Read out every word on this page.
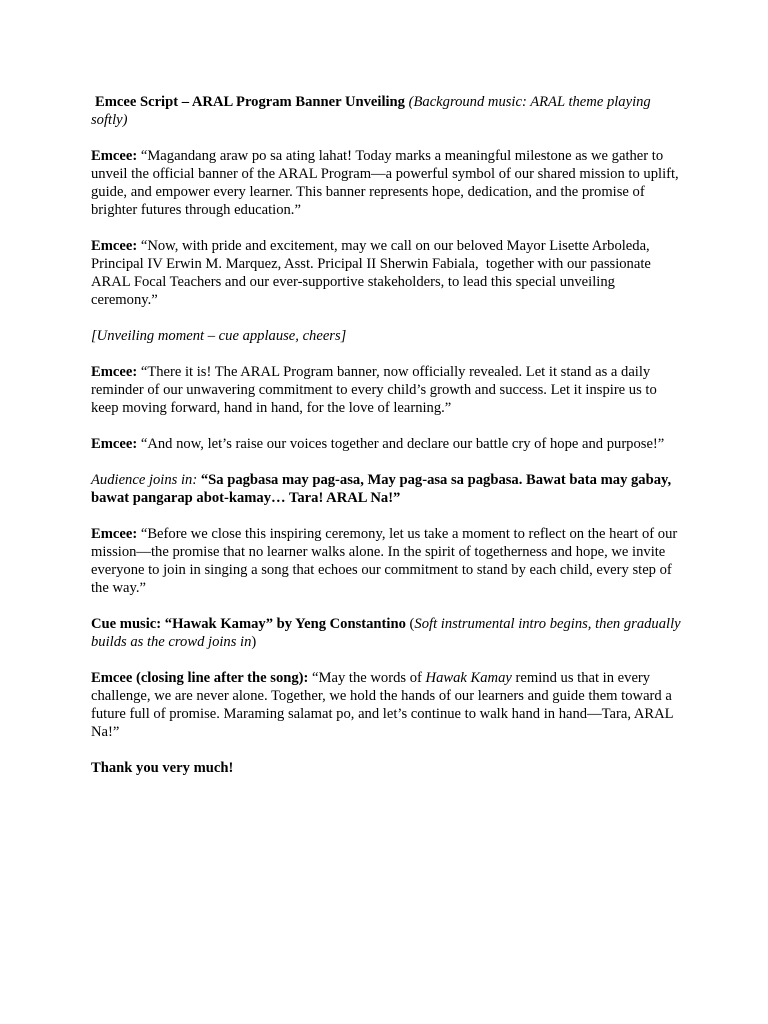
Emcee Script – ARAL Program Banner Unveiling (Background music: ARAL theme playing softly)

Emcee: “Magandang araw po sa ating lahat! Today marks a meaningful milestone as we gather to unveil the official banner of the ARAL Program—a powerful symbol of our shared mission to uplift, guide, and empower every learner. This banner represents hope, dedication, and the promise of brighter futures through education.”

Emcee: “Now, with pride and excitement, may we call on our beloved Mayor Lisette Arboleda, Principal IV Erwin M. Marquez, Asst. Pricipal II Sherwin Fabiala,  together with our passionate ARAL Focal Teachers and our ever-supportive stakeholders, to lead this special unveiling ceremony.”

[Unveiling moment – cue applause, cheers]

Emcee: “There it is! The ARAL Program banner, now officially revealed. Let it stand as a daily reminder of our unwavering commitment to every child’s growth and success. Let it inspire us to keep moving forward, hand in hand, for the love of learning.”

Emcee: “And now, let’s raise our voices together and declare our battle cry of hope and purpose!”

Audience joins in: “Sa pagbasa may pag-asa, May pag-asa sa pagbasa. Bawat bata may gabay, bawat pangarap abot-kamay… Tara! ARAL Na!”

Emcee: “Before we close this inspiring ceremony, let us take a moment to reflect on the heart of our mission—the promise that no learner walks alone. In the spirit of togetherness and hope, we invite everyone to join in singing a song that echoes our commitment to stand by each child, every step of the way.”

Cue music: “Hawak Kamay” by Yeng Constantino (Soft instrumental intro begins, then gradually builds as the crowd joins in)

Emcee (closing line after the song): “May the words of Hawak Kamay remind us that in every challenge, we are never alone. Together, we hold the hands of our learners and guide them toward a future full of promise. Maraming salamat po, and let’s continue to walk hand in hand—Tara, ARAL Na!”

Thank you very much!
